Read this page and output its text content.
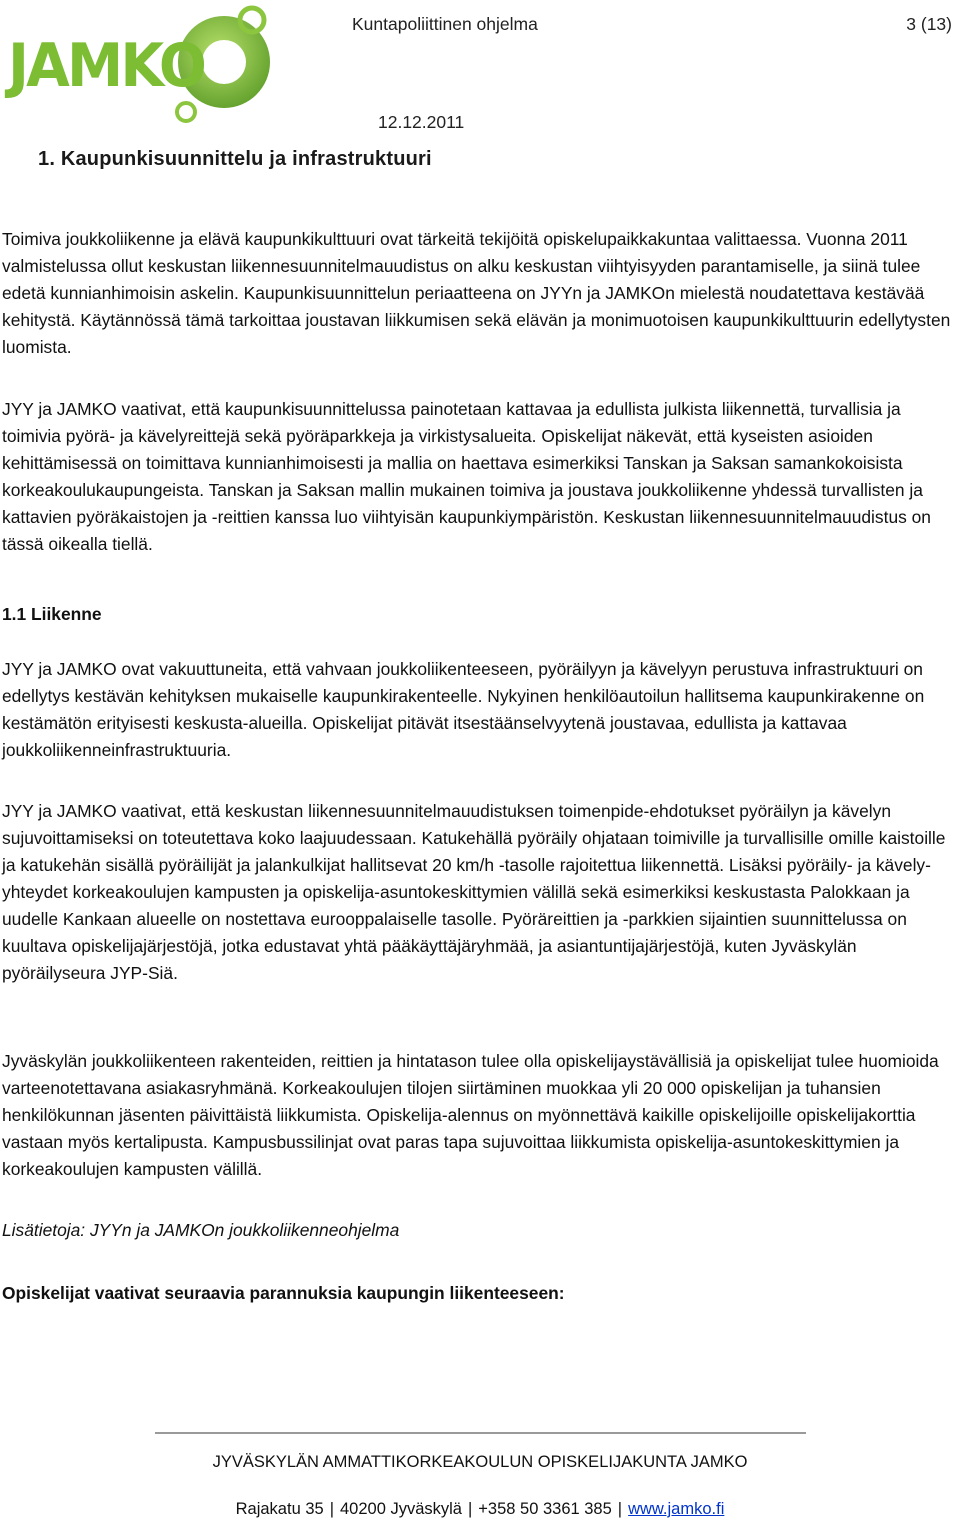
JAMKO
Kuntapoliittinen ohjelma	3 (13)
12.12.2011
1. Kaupunkisuunnittelu ja infrastruktuuri

Toimiva joukkoliikenne ja elävä kaupunkikulttuuri ovat tärkeitä tekijöitä opiskelupaikkakuntaa valittaessa. Vuonna 2011 valmistelussa ollut keskustan liikennesuunnitelmauudistus on alku keskustan viihtyisyyden parantamiselle, ja siinä tulee edetä kunnianhimoisin askelin. Kaupunkisuunnittelun periaatteena on JYYn ja JAMKOn mielestä noudatettava kestävää kehitystä. Käytännössä tämä tarkoittaa joustavan liikkumisen sekä elävän ja monimuotoisen kaupunkikulttuurin edellytysten luomista.

JYY ja JAMKO vaativat, että kaupunkisuunnittelussa painotetaan kattavaa ja edullista julkista liikennettä, turvallisia ja toimivia pyörä- ja kävelyreittejä sekä pyöräparkkeja ja virkistysalueita. Opiskelijat näkevät, että kyseisten asioiden kehittämisessä on toimittava kunnianhimoisesti ja mallia on haettava esimerkiksi Tanskan ja Saksan samankokoisista korkeakoulukaupungeista. Tanskan ja Saksan mallin mukainen toimiva ja joustava joukkoliikenne yhdessä turvallisten ja kattavien pyöräkaistojen ja -reittien kanssa luo viihtyisän kaupunkiympäristön. Keskustan liikennesuunnitelmauudistus on tässä oikealla tiellä.

1.1 Liikenne

JYY ja JAMKO ovat vakuuttuneita, että vahvaan joukkoliikenteeseen, pyöräilyyn ja kävelyyn perustuva infrastruktuuri on edellytys kestävän kehityksen mukaiselle kaupunkirakenteelle. Nykyinen henkilöautoilun hallitsema kaupunkirakenne on kestämätön erityisesti keskusta-alueilla. Opiskelijat pitävät itsestäänselvyytenä joustavaa, edullista ja kattavaa joukkoliikenneinfrastruktuuria.

JYY ja JAMKO vaativat, että keskustan liikennesuunnitelmauudistuksen toimenpide-ehdotukset pyöräilyn ja kävelyn sujuvoittamiseksi on toteutettava koko laajuudessaan. Katukehällä pyöräily ohjataan toimiville ja turvallisille omille kaistoille ja katukehän sisällä pyöräilijät ja jalankulkijat hallitsevat 20 km/h -tasolle rajoitettua liikennettä. Lisäksi pyöräily- ja kävely-yhteydet korkeakoulujen kampusten ja opiskelija-asuntokeskittymien välillä sekä esimerkiksi keskustasta Palokkaan ja uudelle Kankaan alueelle on nostettava eurooppalaiselle tasolle. Pyöräreittien ja -parkkien sijaintien suunnittelussa on kuultava opiskelijajärjestöjä, jotka edustavat yhtä pääkäyttäjäryhmää, ja asiantuntijajärjestöjä, kuten Jyväskylän pyöräilyseura JYP-Siä.

Jyväskylän joukkoliikenteen rakenteiden, reittien ja hintatason tulee olla opiskelijaystävällisiä ja opiskelijat tulee huomioida varteenotettavana asiakasryhmänä. Korkeakoulujen tilojen siirtäminen muokkaa yli 20 000 opiskelijan ja tuhansien henkilökunnan jäsenten päivittäistä liikkumista. Opiskelija-alennus on myönnettävä kaikille opiskelijoille opiskelijakorttia vastaan myös kertalipusta. Kampusbussilinjat ovat paras tapa sujuvoittaa liikkumista opiskelija-asuntokeskittymien ja korkeakoulujen kampusten välillä.

Lisätietoja: JYYn ja JAMKOn joukkoliikenneohjelma
Opiskelijat vaativat seuraavia parannuksia kaupungin liikenteeseen:
JYVÄSKYLÄN AMMATTIKORKEAKOULUN OPISKELIJAKUNTA JAMKO
Rajakatu 35 | 40200 Jyväskylä | +358 50 3361 385 | www.jamko.fi
